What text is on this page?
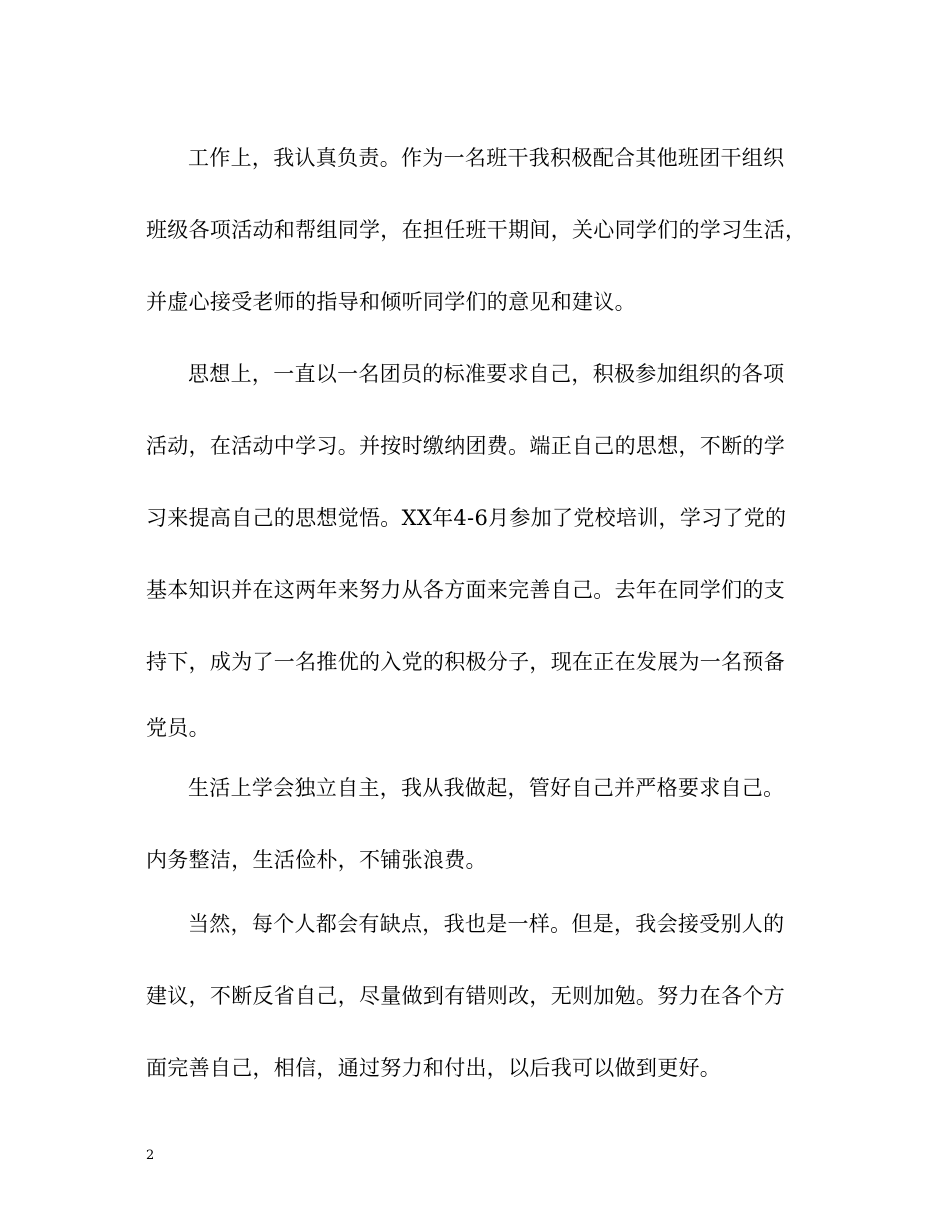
工作上，我认真负责。作为一名班干我积极配合其他班团干组织
班级各项活动和帮组同学，在担任班干期间，关心同学们的学习生活，
并虚心接受老师的指导和倾听同学们的意见和建议。
思想上，一直以一名团员的标准要求自己，积极参加组织的各项
活动，在活动中学习。并按时缴纳团费。端正自己的思想，不断的学
习来提高自己的思想觉悟。XX年4-6月参加了党校培训，学习了党的
基本知识并在这两年来努力从各方面来完善自己。去年在同学们的支
持下，成为了一名推优的入党的积极分子，现在正在发展为一名预备
党员。
生活上学会独立自主，我从我做起，管好自己并严格要求自己。
内务整洁，生活俭朴，不铺张浪费。
当然，每个人都会有缺点，我也是一样。但是，我会接受别人的
建议，不断反省自己，尽量做到有错则改，无则加勉。努力在各个方
面完善自己，相信，通过努力和付出，以后我可以做到更好。
2
